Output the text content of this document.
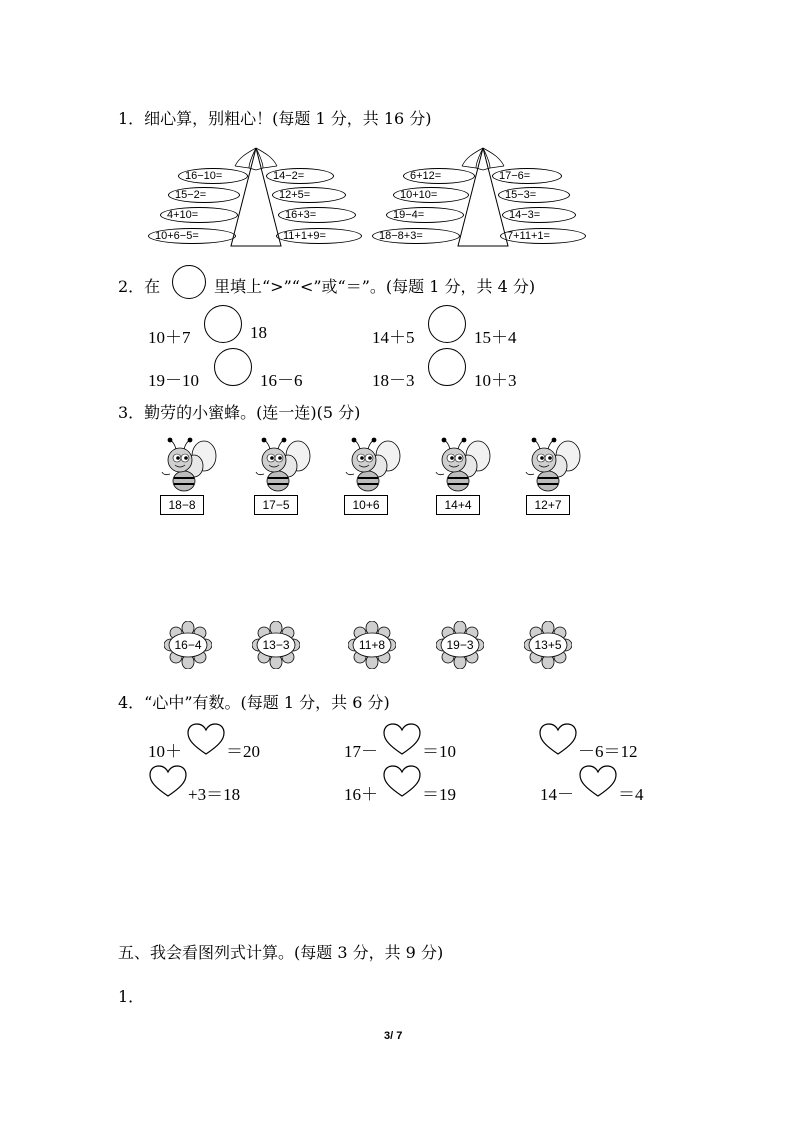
1．细心算，别粗心！(每题 1 分，共 16 分)
16−10=
15−2=
4+10=
10+6−5=
14−2=
12+5=
16+3=
11+1+9=
6+12=
10+10=
19−4=
18−8+3=
17−6=
15−3=
14−3=
7+11+1=
2．在	里填上“>”“<”或“＝”。(每题 1 分，共 4 分)
10＋7	18	14＋5	15＋4
19－10	16－6	18－3	10＋3
3．勤劳的小蜜蜂。(连一连)(5 分)
18−8	17−5	10+6	14+4	12+7
16−4	13−3	11+8	19−3	13+5
4．“心中”有数。(每题 1 分，共 6 分)
10＋	＝20	17－	＝10	－6＝12
+3＝18	16＋	＝19	14－	＝4
五、我会看图列式计算。(每题 3 分，共 9 分)
1．
3/ 7
